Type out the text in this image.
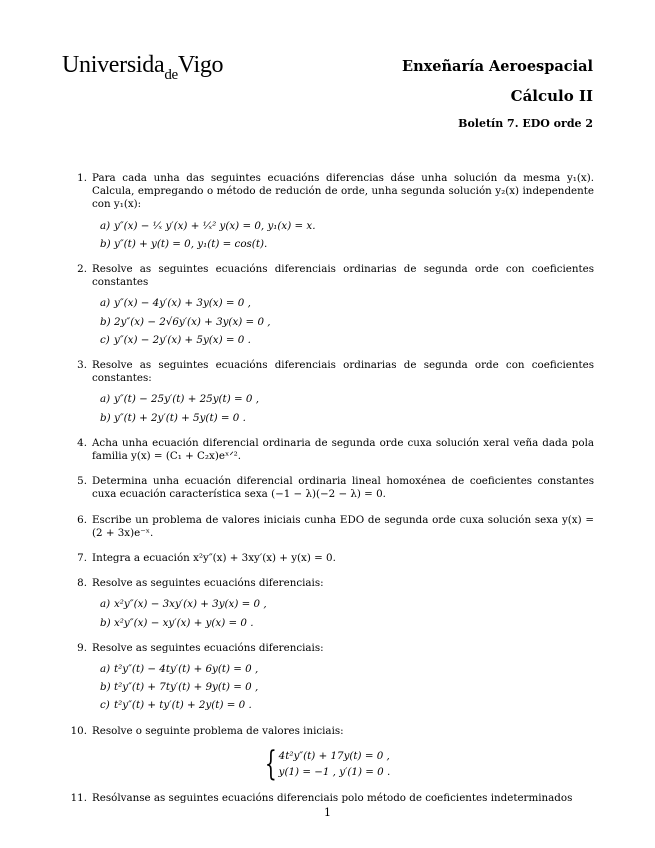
Universida$_{de}$Vigo	Enxeñaría Aeroespacial
Cálculo II
Boletín 7. EDO orde 2
1. Para cada unha das seguintes ecuacións diferencias dáse unha solución da mesma y₁(x). Calcula, empregando o método de redución de orde, unha segunda solución y₂(x) independente con y₁(x):
a) y″(x) − ¹⁄ₓ y′(x) + ¹⁄ₓ² y(x) = 0, y₁(x) = x.
b) y″(t) + y(t) = 0, y₁(t) = cos(t).
2. Resolve as seguintes ecuacións diferenciais ordinarias de segunda orde con coeficientes constantes
a) y″(x) − 4y′(x) + 3y(x) = 0 ,
b) 2y″(x) − 2√6y′(x) + 3y(x) = 0 ,
c) y″(x) − 2y′(x) + 5y(x) = 0 .
3. Resolve as seguintes ecuacións diferenciais ordinarias de segunda orde con coeficientes constantes:
a) y″(t) − 25y′(t) + 25y(t) = 0 ,
b) y″(t) + 2y′(t) + 5y(t) = 0 .
4. Acha unha ecuación diferencial ordinaria de segunda orde cuxa solución xeral veña dada pola familia y(x) = (C₁ + C₂x)eˣᐟ².
5. Determina unha ecuación diferencial ordinaria lineal homoxénea de coeficientes constantes cuxa ecuación característica sexa (−1 − λ)(−2 − λ) = 0.
6. Escribe un problema de valores iniciais cunha EDO de segunda orde cuxa solución sexa y(x) = (2 + 3x)e⁻ˣ.
7. Integra a ecuación x²y″(x) + 3xy′(x) + y(x) = 0.
8. Resolve as seguintes ecuacións diferenciais:
a) x²y″(x) − 3xy′(x) + 3y(x) = 0 ,
b) x²y″(x) − xy′(x) + y(x) = 0 .
9. Resolve as seguintes ecuacións diferenciais:
a) t²y″(t) − 4ty′(t) + 6y(t) = 0 ,
b) t²y″(t) + 7ty′(t) + 9y(t) = 0 ,
c) t²y″(t) + ty′(t) + 2y(t) = 0 .
10. Resolve o seguinte problema de valores iniciais:
{ 4t²y″(t) + 17y(t) = 0 ,
y(1) = −1 , y′(1) = 0 .
11. Resólvanse as seguintes ecuacións diferenciais polo método de coeficientes indeterminados
1
